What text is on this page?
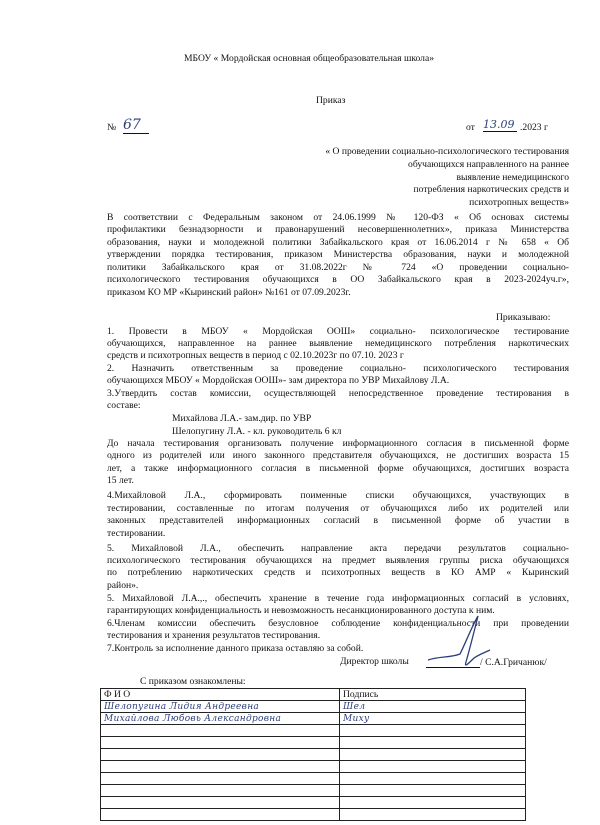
МБОУ « Мордойская основная общеобразовательная школа»
Приказ
№ 67	от 13.09 .2023 г
« О проведении социально-психологического тестирования
обучающихся направленного на раннее
выявление немедицинского
потребления наркотических средств и
психотропных веществ»
В соответствии с Федеральным законом от 24.06.1999 № 120-ФЗ « Об основах системы
профилактики безнадзорности и правонарушений несовершеннолетних», приказа Министерства
образования, науки и молодежной политики Забайкальского края от 16.06.2014 г № 658 « Об
утверждении порядка тестирования, приказом Министерства образования, науки и молодежной
политики Забайкальского края от 31.08.2022г № 724 «О проведении социально-
психологического тестирования обучающихся в ОО Забайкальского края в 2023-2024уч.г»,
приказом КО МР «Кыринский район» №161 от 07.09.2023г.
Приказываю:
1. Провести в МБОУ « Мордойская ООШ» социально- психологическое тестирование
обучающихся, направленное на раннее выявление немедицинского потребления наркотических
средств и психотропных веществ в период с 02.10.2023г по 07.10. 2023 г
2. Назначить ответственным за проведение социально- психологического тестирования
обучающихся МБОУ « Мордойская ООШ»- зам директора по УВР Михайлову Л.А.
3.Утвердить состав комиссии, осуществляющей непосредственное проведение тестирования в
составе:
Михайлова Л.А.- зам.дир. по УВР
Шелопугину Л.А. - кл. руководитель 6 кл
До начала тестирования организовать получение информационного согласия в письменной форме
одного из родителей или иного законного представителя обучающихся, не достигших возраста 15
лет, а также информационного согласия в письменной форме обучающихся, достигших возраста
15 лет.
4.Михайловой Л.А., сформировать поименные списки обучающихся, участвующих в
тестировании, составленные по итогам получения от обучающихся либо их родителей или
законных представителей информационных согласий в письменной форме об участии в
тестировании.
5. Михайловой Л.А., обеспечить направление акта передачи результатов социально-
психологического тестирования обучающихся на предмет выявления группы риска обучающихся
по потреблению наркотических средств и психотропных веществ в КО АМР « Кыринский
район».
5. Михайловой Л.А.,., обеспечить хранение в течение года информационных согласий в условиях,
гарантирующих конфиденциальность и невозможность несанкционированного доступа к ним.
6.Членам комиссии обеспечить безусловное соблюдение конфиденциальности при проведении
тестирования и хранения результатов тестирования.
7.Контроль за исполнение данного приказа оставляю за собой.
Директор школы	/ С.А.Гричанюк/
С приказом ознакомлены:
Ф И О	Подпись
Шелопугина Лидия Андреевна	Шел
Михайлова Любовь Александровна	Миху
